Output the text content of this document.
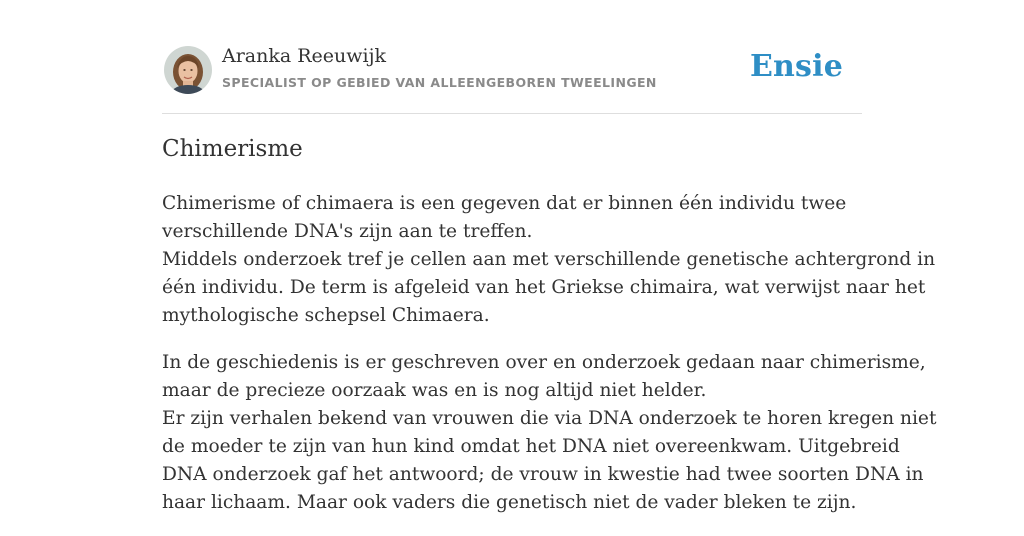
Aranka Reeuwijk
SPECIALIST OP GEBIED VAN ALLEENGEBOREN TWEELINGEN	Ensie
Chimerisme

Chimerisme of chimaera is een gegeven dat er binnen één individu twee
verschillende DNA's zijn aan te treffen.
Middels onderzoek tref je cellen aan met verschillende genetische achtergrond in
één individu. De term is afgeleid van het Griekse chimaira, wat verwijst naar het
mythologische schepsel Chimaera.

In de geschiedenis is er geschreven over en onderzoek gedaan naar chimerisme,
maar de precieze oorzaak was en is nog altijd niet helder.
Er zijn verhalen bekend van vrouwen die via DNA onderzoek te horen kregen niet
de moeder te zijn van hun kind omdat het DNA niet overeenkwam. Uitgebreid
DNA onderzoek gaf het antwoord; de vrouw in kwestie had twee soorten DNA in
haar lichaam. Maar ook vaders die genetisch niet de vader bleken te zijn.
